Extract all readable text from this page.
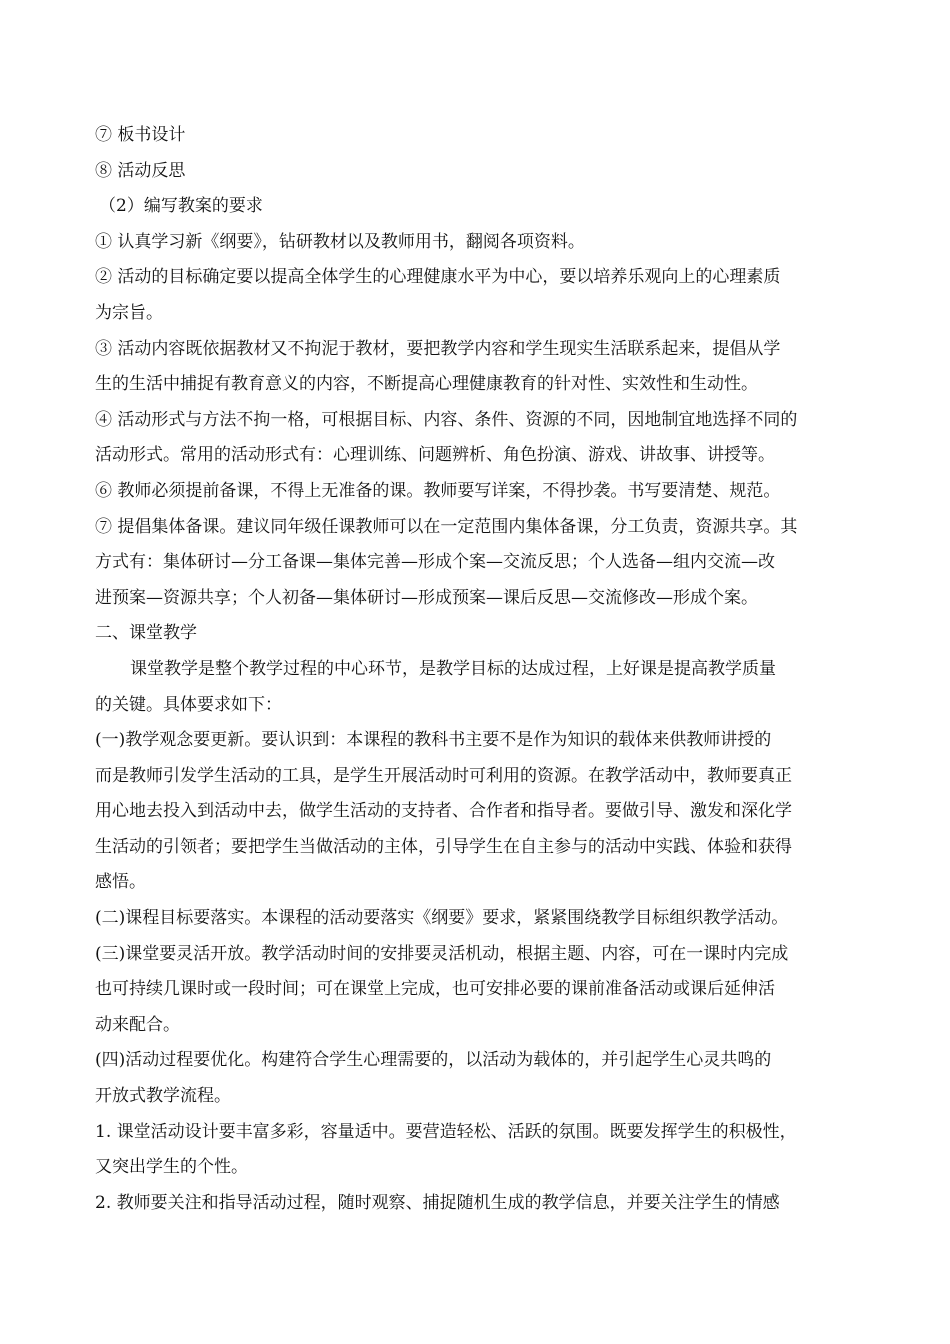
⑦ 板书设计
⑧ 活动反思
（2）编写教案的要求
① 认真学习新《纲要》，钻研教材以及教师用书，翻阅各项资料。
② 活动的目标确定要以提高全体学生的心理健康水平为中心，要以培养乐观向上的心理素质
为宗旨。
③ 活动内容既依据教材又不拘泥于教材，要把教学内容和学生现实生活联系起来，提倡从学
生的生活中捕捉有教育意义的内容，不断提高心理健康教育的针对性、实效性和生动性。
④ 活动形式与方法不拘一格，可根据目标、内容、条件、资源的不同，因地制宜地选择不同的
活动形式。常用的活动形式有：心理训练、问题辨析、角色扮演、游戏、讲故事、讲授等。
⑥ 教师必须提前备课，不得上无准备的课。教师要写详案，不得抄袭。书写要清楚、规范。
⑦ 提倡集体备课。建议同年级任课教师可以在一定范围内集体备课，分工负责，资源共享。其
方式有：集体研讨—分工备课—集体完善—形成个案—交流反思；个人选备—组内交流—改
进预案—资源共享；个人初备—集体研讨—形成预案—课后反思—交流修改—形成个案。
二、课堂教学
课堂教学是整个教学过程的中心环节，是教学目标的达成过程，上好课是提高教学质量
的关键。具体要求如下：
(一)教学观念要更新。要认识到：本课程的教科书主要不是作为知识的载体来供教师讲授的
而是教师引发学生活动的工具，是学生开展活动时可利用的资源。在教学活动中，教师要真正
用心地去投入到活动中去，做学生活动的支持者、合作者和指导者。要做引导、激发和深化学
生活动的引领者；要把学生当做活动的主体，引导学生在自主参与的活动中实践、体验和获得
感悟。
(二)课程目标要落实。本课程的活动要落实《纲要》要求，紧紧围绕教学目标组织教学活动。
(三)课堂要灵活开放。教学活动时间的安排要灵活机动，根据主题、内容，可在一课时内完成
也可持续几课时或一段时间；可在课堂上完成，也可安排必要的课前准备活动或课后延伸活
动来配合。
(四)活动过程要优化。构建符合学生心理需要的，以活动为载体的，并引起学生心灵共鸣的
开放式教学流程。
1. 课堂活动设计要丰富多彩，容量适中。要营造轻松、活跃的氛围。既要发挥学生的积极性，
又突出学生的个性。
2. 教师要关注和指导活动过程，随时观察、捕捉随机生成的教学信息，并要关注学生的情感
